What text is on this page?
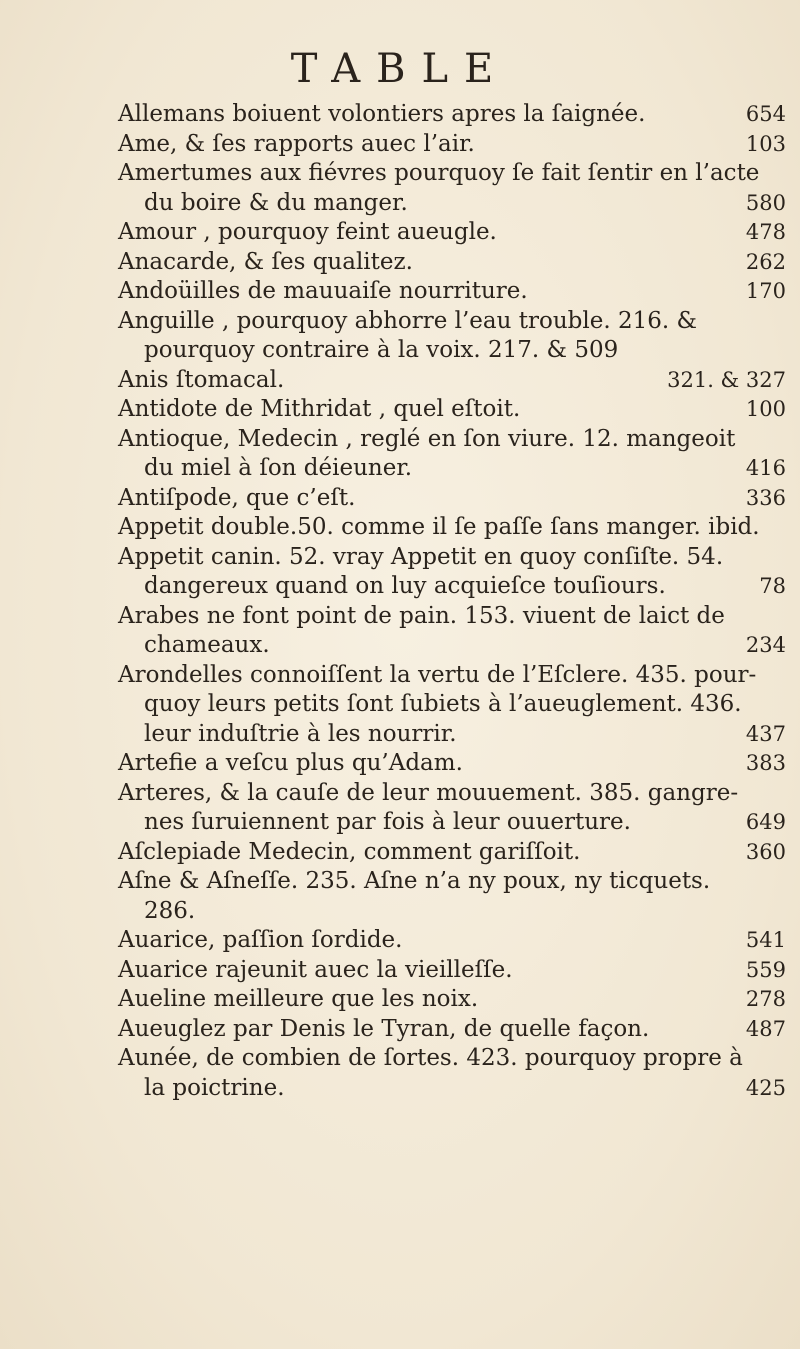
TABLE
Allemans boiuent volontiers apres la ſaignée.	654
Ame, & ſes rapports auec l’air.	103
Amertumes aux fiévres pourquoy ſe fait ſentir en l’acte
du boire & du manger.	580
Amour , pourquoy feint aueugle.	478
Anacarde, & ſes qualitez.	262
Andoüilles de mauuaiſe nourriture.	170
Anguille , pourquoy abhorre l’eau trouble. 216. &
pourquoy contraire à la voix. 217. & 509
Anis ſtomacal.	321. & 327
Antidote de Mithridat , quel eſtoit.	100
Antioque, Medecin , reglé en ſon viure. 12. mangeoit
du miel à ſon déieuner.	416
Antiſpode, que c’eſt.	336
Appetit double.50. comme il ſe paſſe ſans manger. ibid.
Appetit canin. 52. vray Appetit en quoy conſiſte. 54.
dangereux quand on luy acquieſce touſiours.	78
Arabes ne font point de pain. 153. viuent de laict de
chameaux.	234
Arondelles connoiſſent la vertu de l’Eſclere. 435. pour-
quoy leurs petits ſont ſubiets à l’aueuglement. 436.
leur induſtrie à les nourrir.	437
Artefie a veſcu plus qu’Adam.	383
Arteres, & la cauſe de leur mouuement. 385. gangre-
nes ſuruiennent par fois à leur ouuerture.	649
Aſclepiade Medecin, comment gariſſoit.	360
Aſne & Aſneſſe. 235. Aſne n’a ny poux, ny ticquets.
286.
Auarice, paſſion ſordide.	541
Auarice rajeunit auec la vieilleſſe.	559
Aueline meilleure que les noix.	278
Aueuglez par Denis le Tyran, de quelle façon.	487
Aunée, de combien de ſortes. 423. pourquoy propre à
la poictrine.	425
